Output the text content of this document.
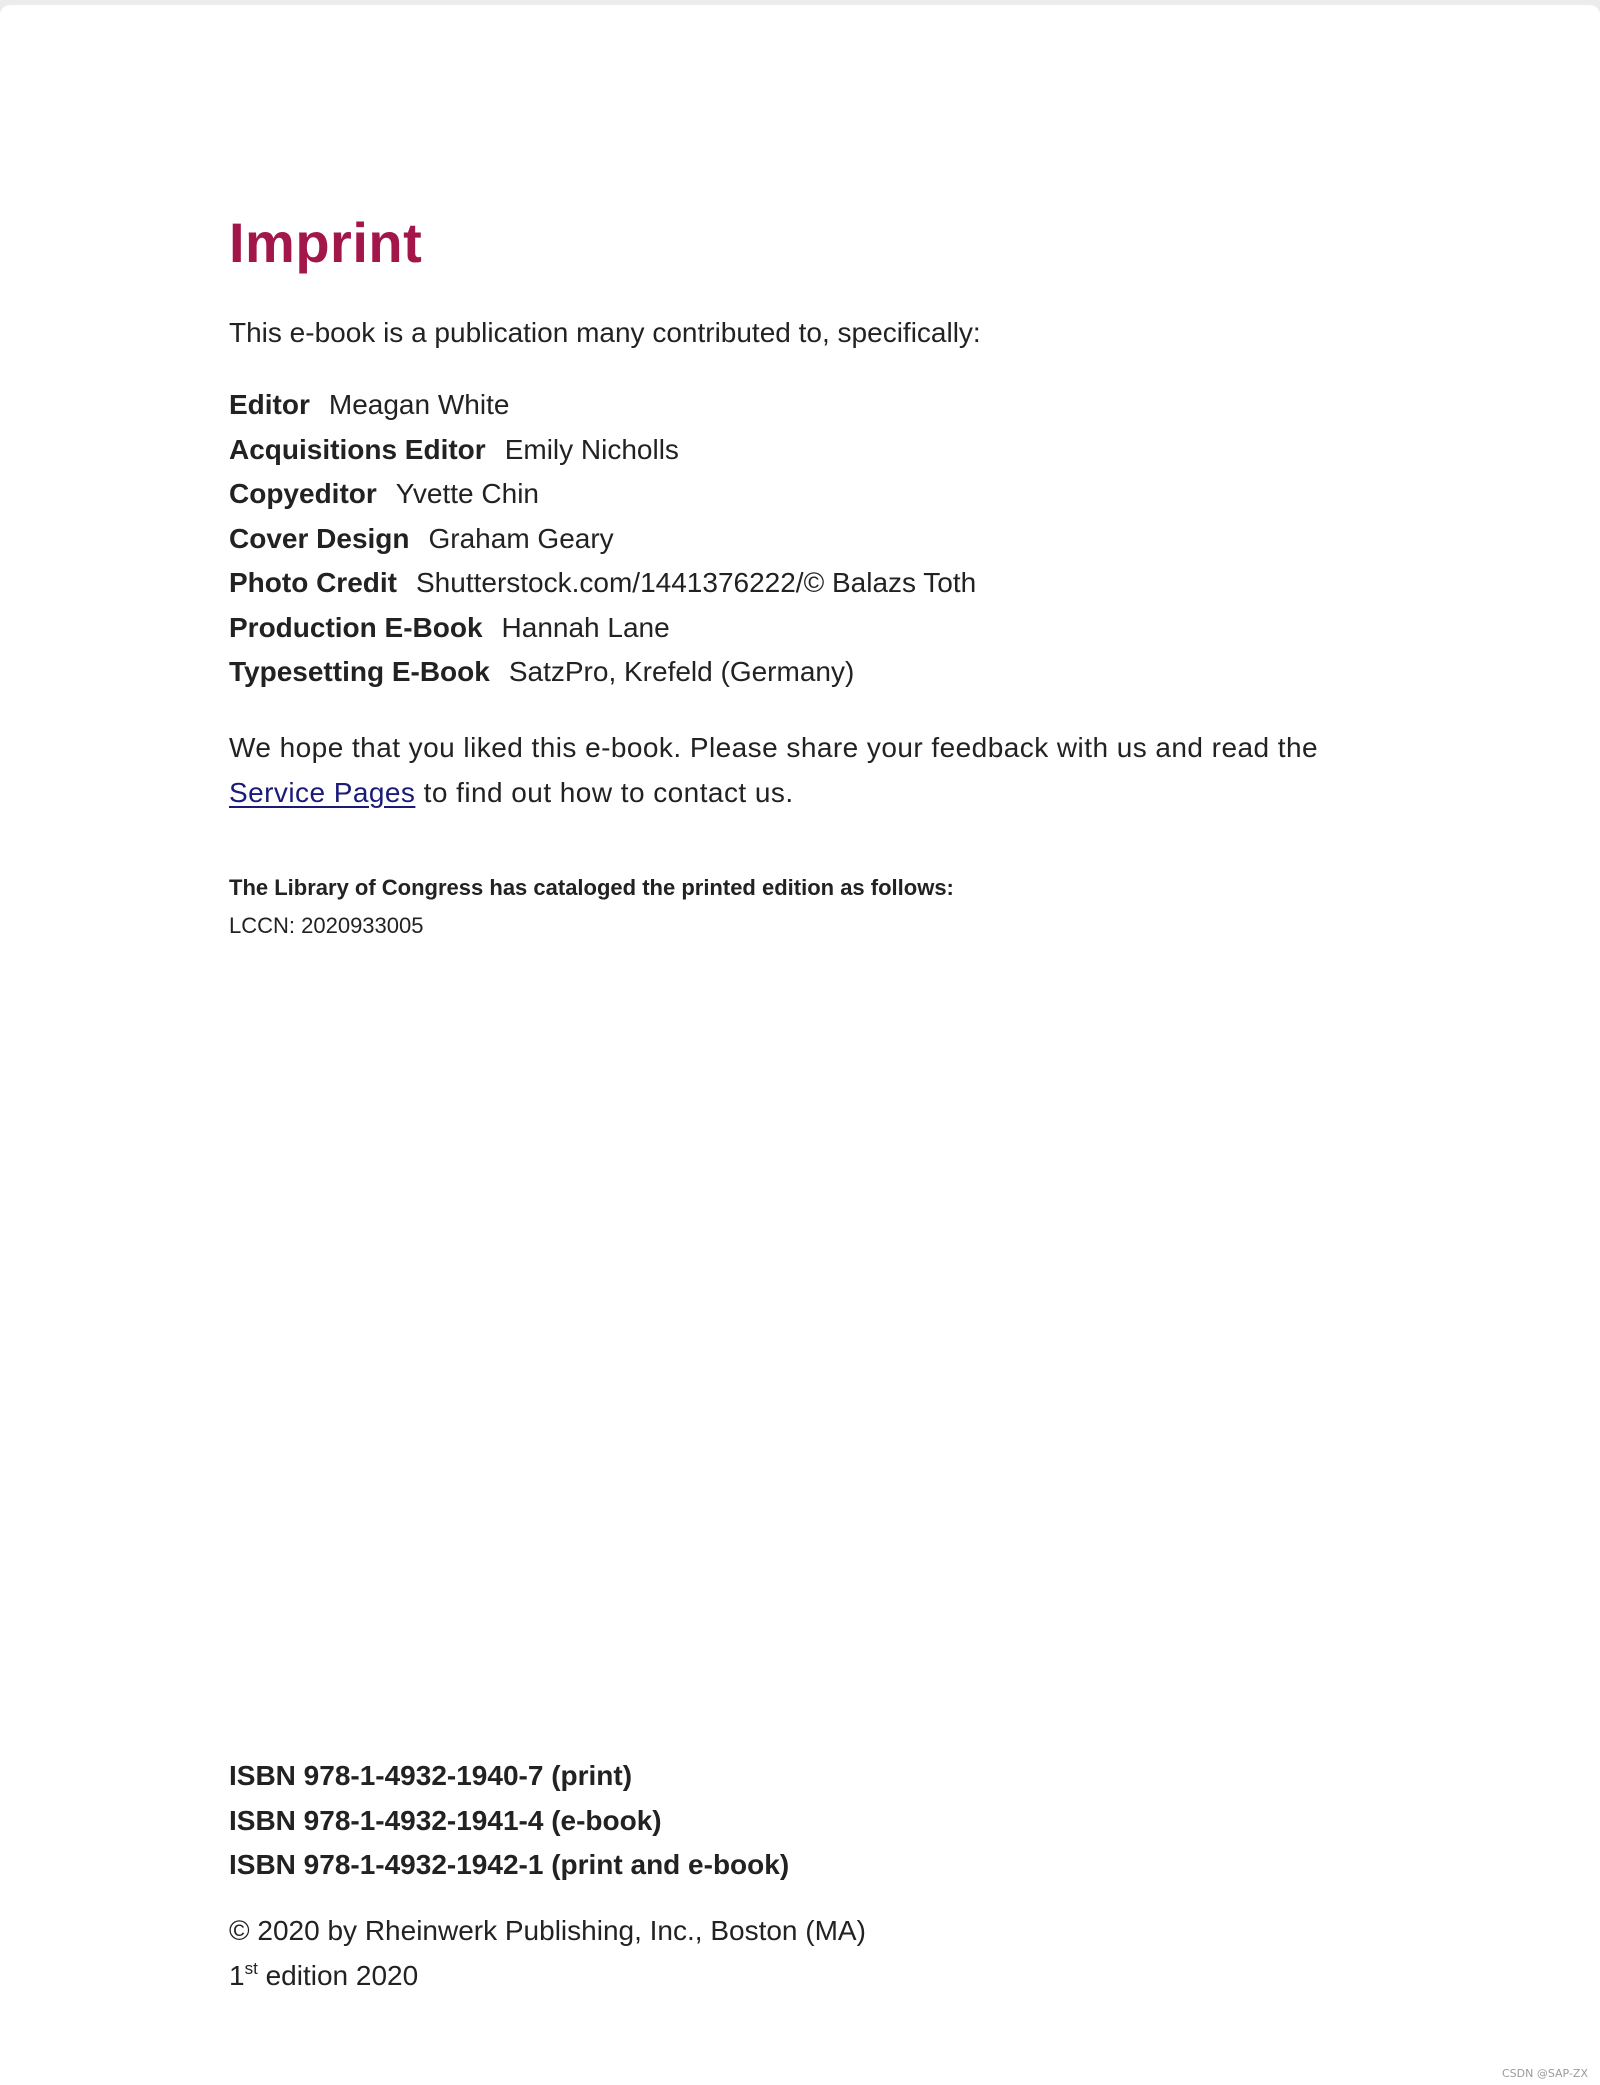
Imprint
This e-book is a publication many contributed to, specifically:
Editor Meagan White
Acquisitions Editor Emily Nicholls
Copyeditor Yvette Chin
Cover Design Graham Geary
Photo Credit Shutterstock.com/1441376222/© Balazs Toth
Production E-Book Hannah Lane
Typesetting E-Book SatzPro, Krefeld (Germany)
We hope that you liked this e-book. Please share your feedback with us and read the Service Pages to find out how to contact us.
The Library of Congress has cataloged the printed edition as follows:
LCCN: 2020933005
ISBN 978-1-4932-1940-7 (print)
ISBN 978-1-4932-1941-4 (e-book)
ISBN 978-1-4932-1942-1 (print and e-book)
© 2020 by Rheinwerk Publishing, Inc., Boston (MA)
1st edition 2020
CSDN @SAP-ZX
